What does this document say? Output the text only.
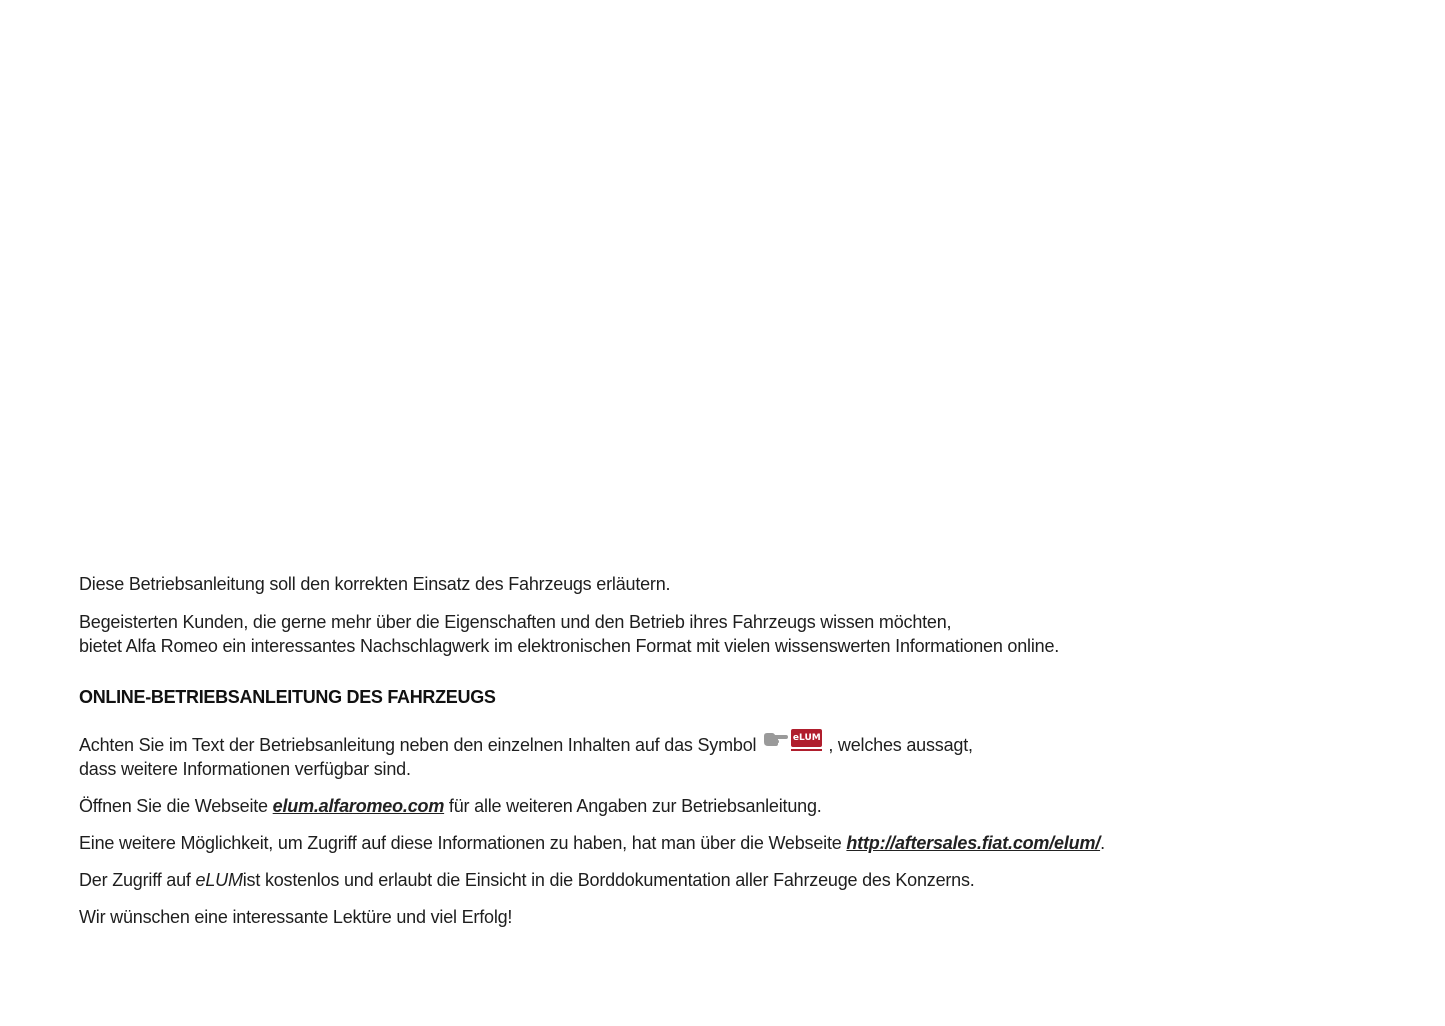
Diese Betriebsanleitung soll den korrekten Einsatz des Fahrzeugs erläutern.

Begeisterten Kunden, die gerne mehr über die Eigenschaften und den Betrieb ihres Fahrzeugs wissen möchten,
bietet Alfa Romeo ein interessantes Nachschlagwerk im elektronischen Format mit vielen wissenswerten Informationen online.

ONLINE-BETRIEBSANLEITUNG DES FAHRZEUGS

Achten Sie im Text der Betriebsanleitung neben den einzelnen Inhalten auf das Symbol	eLUM , welches aussagt,
dass weitere Informationen verfügbar sind.

Öffnen Sie die Webseite elum.alfaromeo.com für alle weiteren Angaben zur Betriebsanleitung.

Eine weitere Möglichkeit, um Zugriff auf diese Informationen zu haben, hat man über die Webseite http://aftersales.fiat.com/elum/.

Der Zugriff auf eLUMist kostenlos und erlaubt die Einsicht in die Borddokumentation aller Fahrzeuge des Konzerns.

Wir wünschen eine interessante Lektüre und viel Erfolg!
